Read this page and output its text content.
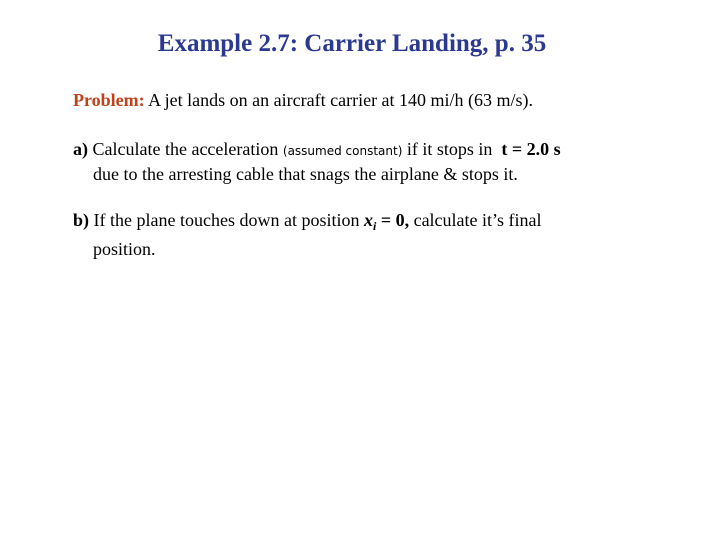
Example 2.7: Carrier Landing, p. 35
Problem: A jet lands on an aircraft carrier at 140 mi/h (63 m/s).
a) Calculate the acceleration (assumed constant) if it stops in t = 2.0 s
due to the arresting cable that snags the airplane & stops it.
b) If the plane touches down at position $x_i = 0$, calculate it’s final
position.
